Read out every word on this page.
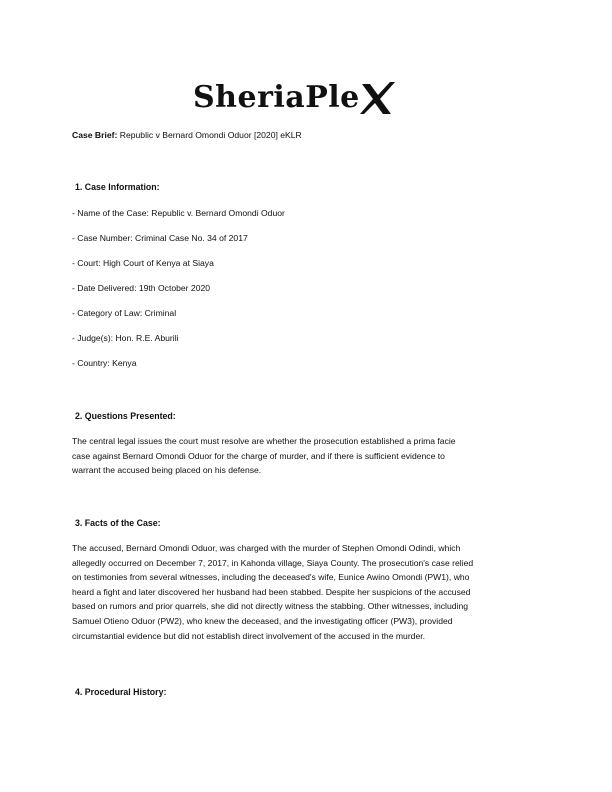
SheriaPle
Case Brief: Republic v Bernard Omondi Oduor [2020] eKLR
1. Case Information:
- Name of the Case: Republic v. Bernard Omondi Oduor
- Case Number: Criminal Case No. 34 of 2017
- Court: High Court of Kenya at Siaya
- Date Delivered: 19th October 2020
- Category of Law: Criminal
- Judge(s): Hon. R.E. Aburili
- Country: Kenya
2. Questions Presented:
The central legal issues the court must resolve are whether the prosecution established a prima facie
case against Bernard Omondi Oduor for the charge of murder, and if there is sufficient evidence to
warrant the accused being placed on his defense.
3. Facts of the Case:
The accused, Bernard Omondi Oduor, was charged with the murder of Stephen Omondi Odindi, which
allegedly occurred on December 7, 2017, in Kahonda village, Siaya County. The prosecution's case relied
on testimonies from several witnesses, including the deceased's wife, Eunice Awino Omondi (PW1), who
heard a fight and later discovered her husband had been stabbed. Despite her suspicions of the accused
based on rumors and prior quarrels, she did not directly witness the stabbing. Other witnesses, including
Samuel Otieno Oduor (PW2), who knew the deceased, and the investigating officer (PW3), provided
circumstantial evidence but did not establish direct involvement of the accused in the murder.
4. Procedural History:
